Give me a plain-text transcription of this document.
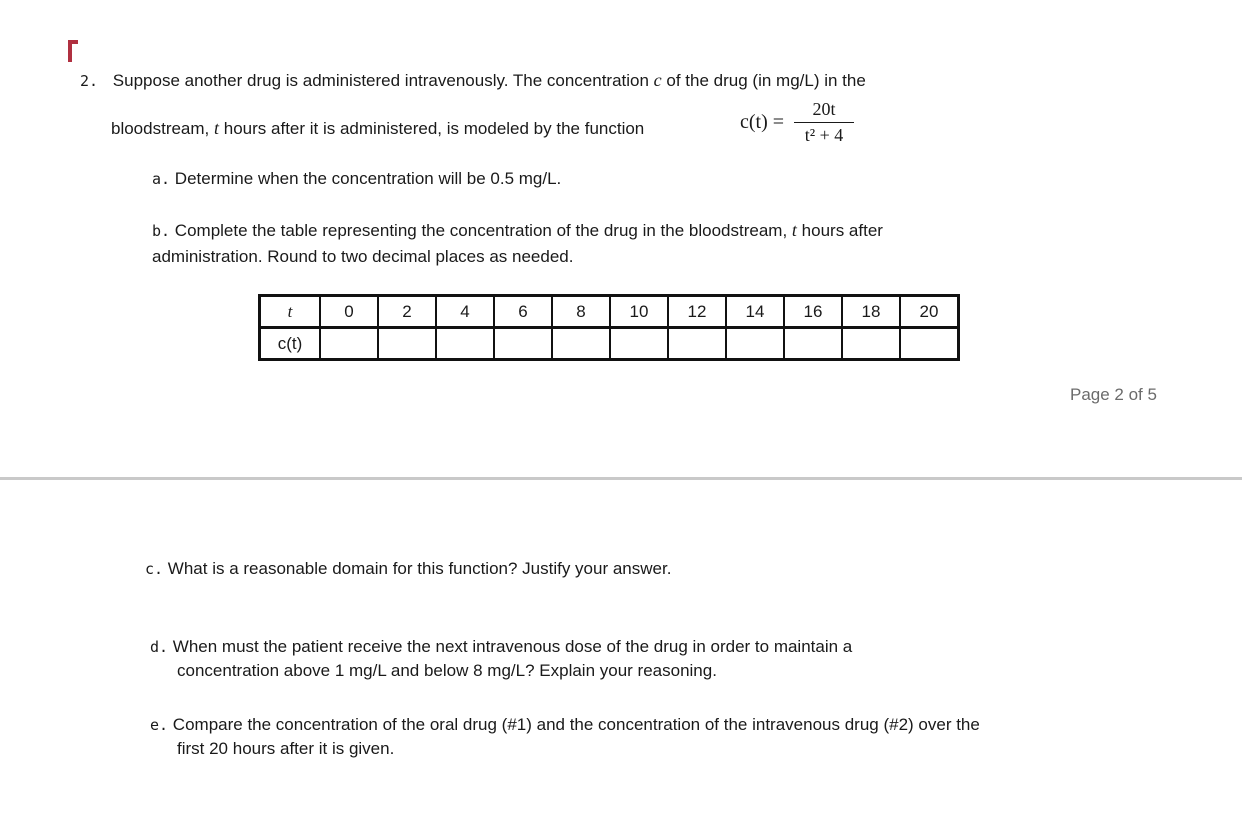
2. Suppose another drug is administered intravenously. The concentration c of the drug (in mg/L) in the
bloodstream, t hours after it is administered, is modeled by the function	c(t) =
20t
t² + 4
a. Determine when the concentration will be 0.5 mg/L.
b. Complete the table representing the concentration of the drug in the bloodstream, t hours after
administration. Round to two decimal places as needed.
t	0	2	4	6	8	10	12	14	16	18	20
c(t)											
Page 2 of 5
c. What is a reasonable domain for this function? Justify your answer.
d. When must the patient receive the next intravenous dose of the drug in order to maintain a
concentration above 1 mg/L and below 8 mg/L? Explain your reasoning.
e. Compare the concentration of the oral drug (#1) and the concentration of the intravenous drug (#2) over the
first 20 hours after it is given.
